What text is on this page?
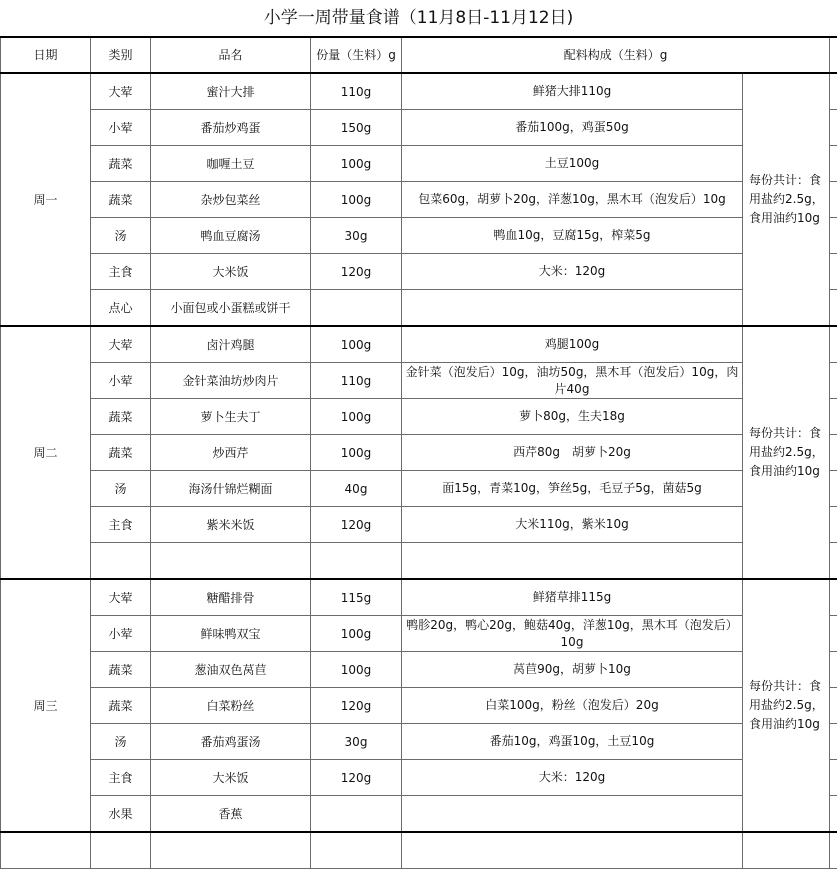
小学一周带量食谱（11月8日-11月12日)
日期	类别	品名	份量（生料）g	配料构成（生料）g		
周一	大荤	蜜汁大排	110g	鲜猪大排110g	每份共计：食用盐约2.5g，食用油约10g	
	小荤	番茄炒鸡蛋	150g	番茄100g，鸡蛋50g		
	蔬菜	咖喱土豆	100g	土豆100g		
	蔬菜	杂炒包菜丝	100g	包菜60g，胡萝卜20g，洋葱10g，黑木耳（泡发后）10g		
	汤	鸭血豆腐汤	30g	鸭血10g，豆腐15g，榨菜5g		
	主食	大米饭	120g	大米：120g		
	点心	小面包或小蛋糕或饼干				
周二	大荤	卤汁鸡腿	100g	鸡腿100g	每份共计：食用盐约2.5g，食用油约10g	
	小荤	金针菜油坊炒肉片	110g	金针菜（泡发后）10g，油坊50g，黑木耳（泡发后）10g，肉片40g		
	蔬菜	萝卜生夫丁	100g	萝卜80g，生夫18g		
	蔬菜	炒西芹	100g	西芹80g　胡萝卜20g		
	汤	海汤什锦烂糊面	40g	面15g，青菜10g，笋丝5g，毛豆子5g，菌菇5g		
	主食	紫米米饭	120g	大米110g，紫米10g		

周三	大荤	糖醋排骨	115g	鲜猪草排115g	每份共计：食用盐约2.5g，食用油约10g	
	小荤	鲜味鸭双宝	100g	鸭胗20g，鸭心20g，鲍菇40g，洋葱10g，黑木耳（泡发后）10g		
	蔬菜	葱油双色莴苣	100g	莴苣90g，胡萝卜10g		
	蔬菜	白菜粉丝	120g	白菜100g，粉丝（泡发后）20g		
	汤	番茄鸡蛋汤	30g	番茄10g，鸡蛋10g，土豆10g		
	主食	大米饭	120g	大米：120g		
	水果	香蕉				
